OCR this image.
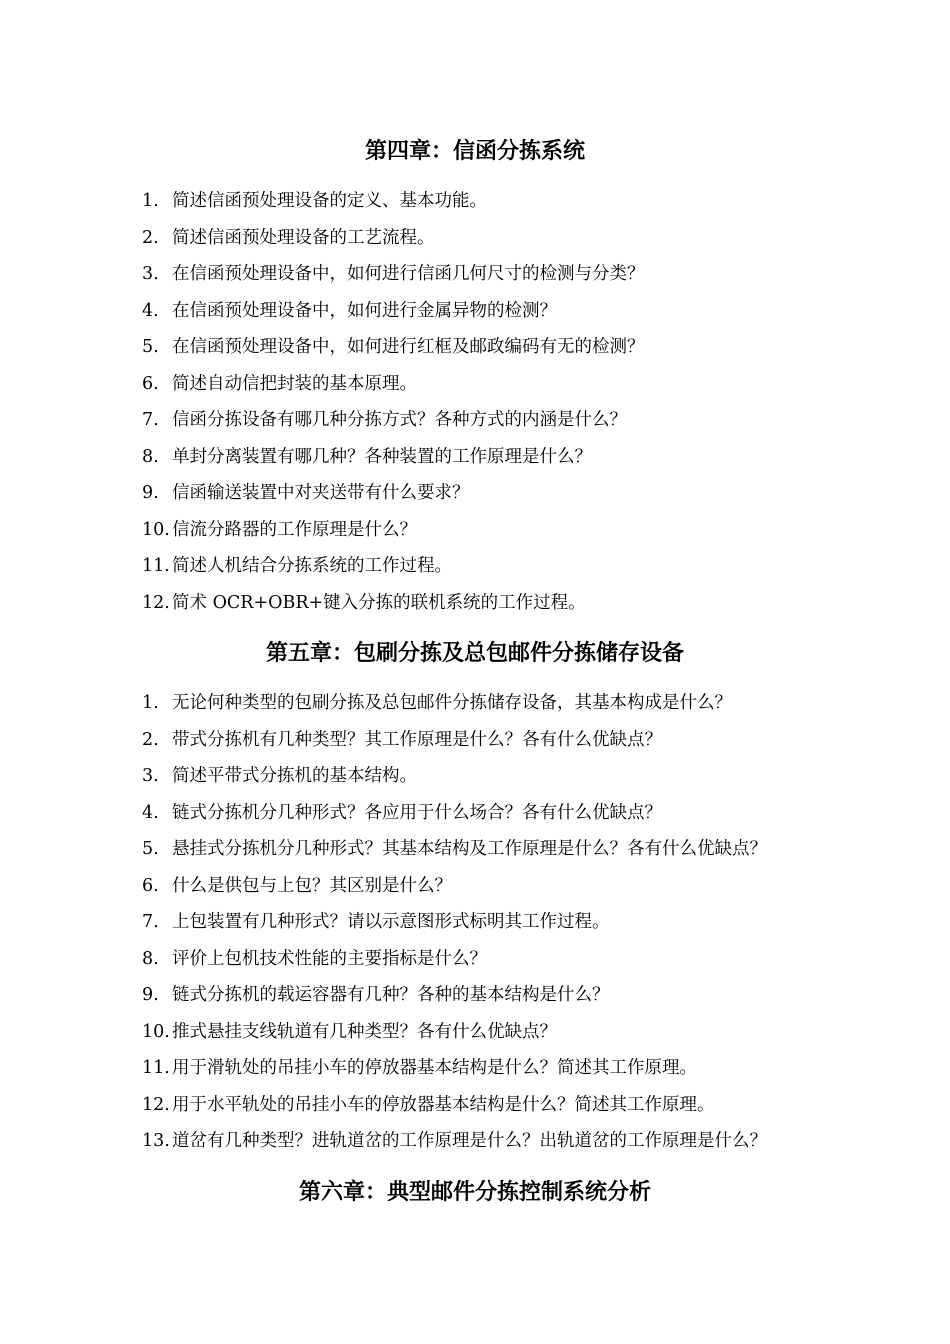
第四章：信函分拣系统
1. 简述信函预处理设备的定义、基本功能。
2. 简述信函预处理设备的工艺流程。
3. 在信函预处理设备中，如何进行信函几何尺寸的检测与分类？
4. 在信函预处理设备中，如何进行金属异物的检测？
5. 在信函预处理设备中，如何进行红框及邮政编码有无的检测？
6. 简述自动信把封装的基本原理。
7. 信函分拣设备有哪几种分拣方式？各种方式的内涵是什么？
8. 单封分离装置有哪几种？各种装置的工作原理是什么？
9. 信函输送装置中对夹送带有什么要求？
10. 信流分路器的工作原理是什么？
11. 简述人机结合分拣系统的工作过程。
12. 简术 OCR+OBR+键入分拣的联机系统的工作过程。
第五章：包刷分拣及总包邮件分拣储存设备
1. 无论何种类型的包刷分拣及总包邮件分拣储存设备，其基本构成是什么？
2. 带式分拣机有几种类型？其工作原理是什么？各有什么优缺点？
3. 简述平带式分拣机的基本结构。
4. 链式分拣机分几种形式？各应用于什么场合？各有什么优缺点？
5. 悬挂式分拣机分几种形式？其基本结构及工作原理是什么？各有什么优缺点？
6. 什么是供包与上包？其区别是什么？
7. 上包装置有几种形式？请以示意图形式标明其工作过程。
8. 评价上包机技术性能的主要指标是什么？
9. 链式分拣机的载运容器有几种？各种的基本结构是什么？
10. 推式悬挂支线轨道有几种类型？各有什么优缺点？
11. 用于滑轨处的吊挂小车的停放器基本结构是什么？简述其工作原理。
12. 用于水平轨处的吊挂小车的停放器基本结构是什么？简述其工作原理。
13. 道岔有几种类型？进轨道岔的工作原理是什么？出轨道岔的工作原理是什么？
第六章：典型邮件分拣控制系统分析
